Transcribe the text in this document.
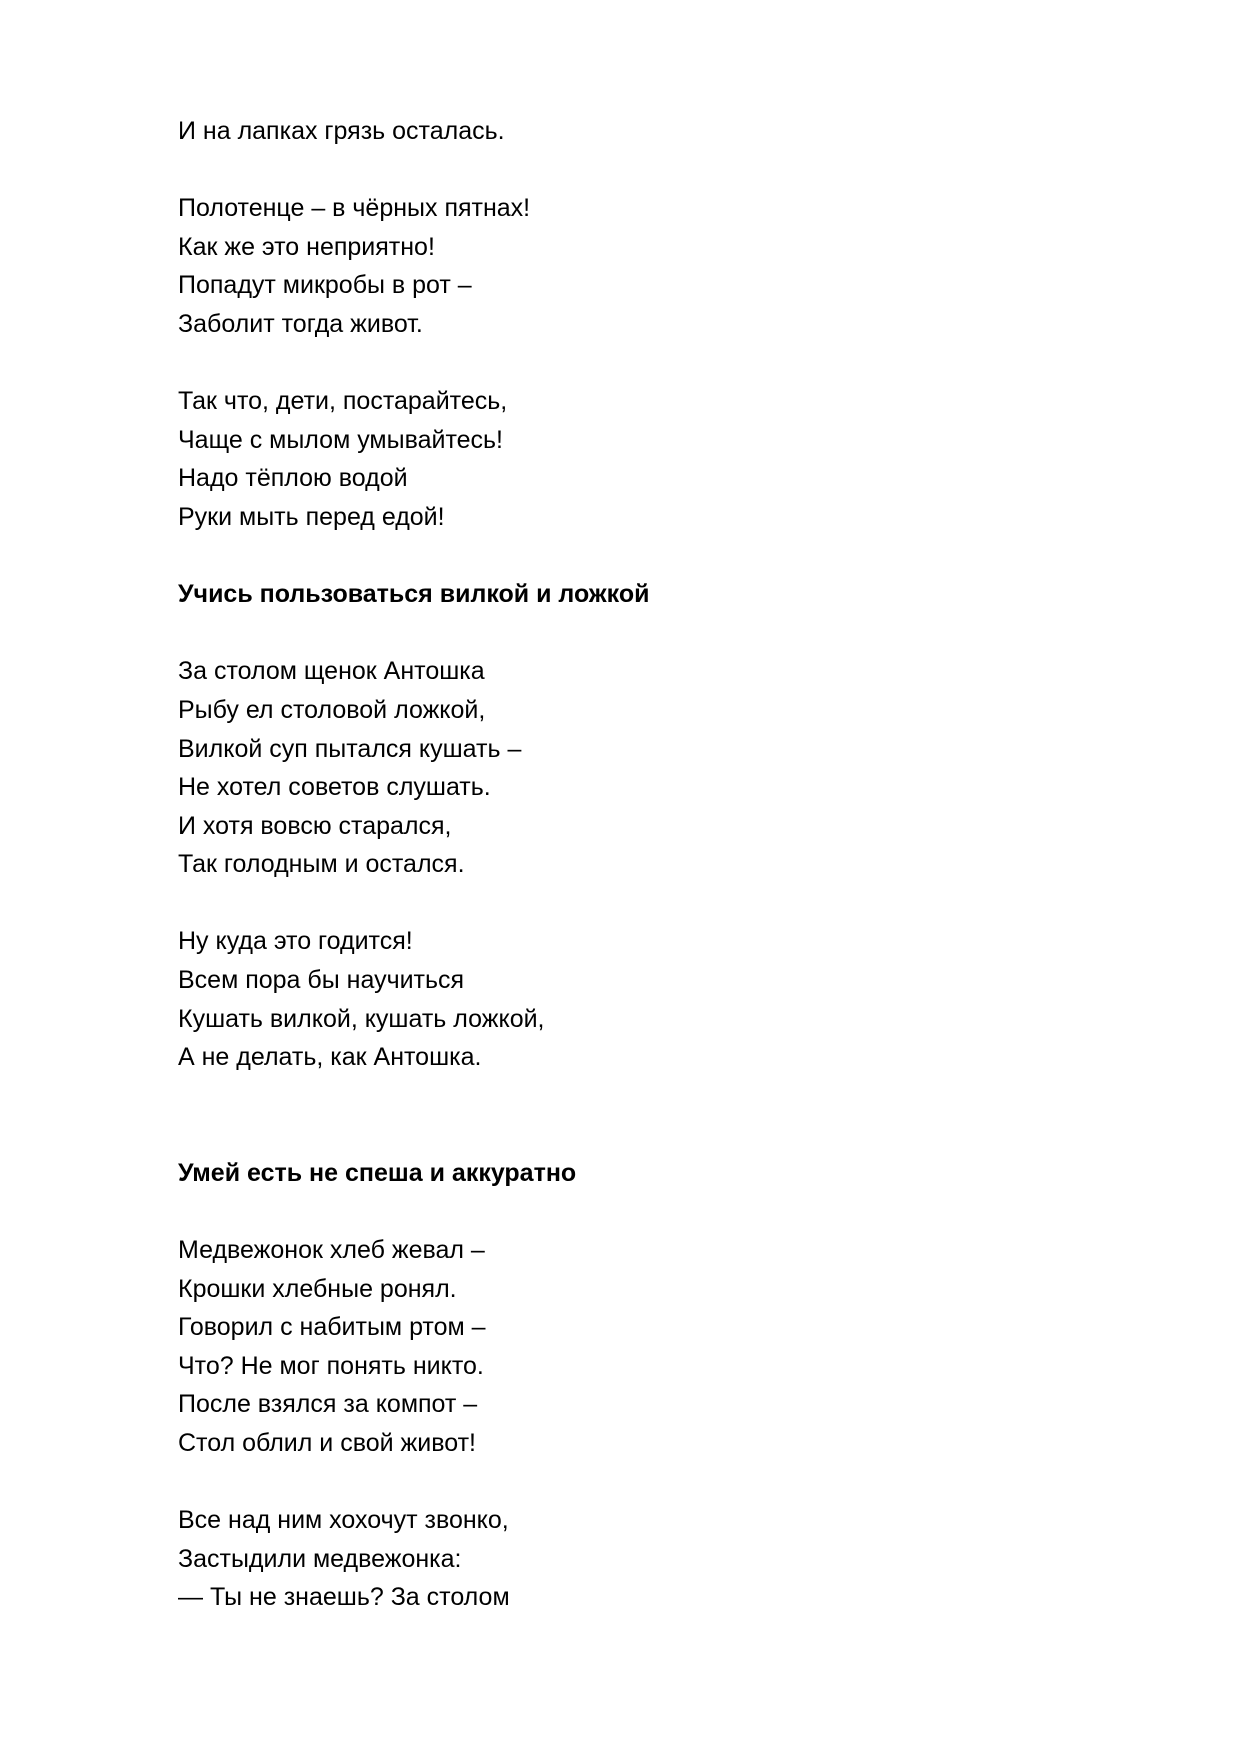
И на лапках грязь осталась.

Полотенце – в чёрных пятнах!

Как же это неприятно!

Попадут микробы в рот –

Заболит тогда живот.

Так что, дети, постарайтесь,

Чаще с мылом умывайтесь!

Надо тёплою водой

Руки мыть перед едой!

Учись пользоваться вилкой и ложкой

За столом щенок Антошка

Рыбу ел столовой ложкой,

Вилкой суп пытался кушать –

Не хотел советов слушать.

И хотя вовсю старался,

Так голодным и остался.

Ну куда это годится!

Всем пора бы научиться

Кушать вилкой, кушать ложкой,

А не делать, как Антошка.

Умей есть не спеша и аккуратно

Медвежонок хлеб жевал –

Крошки хлебные ронял.

Говорил с набитым ртом –

Что? Не мог понять никто.

После взялся за компот –

Стол облил и свой живот!

Все над ним хохочут звонко,

Застыдили медвежонка:

— Ты не знаешь? За столом
